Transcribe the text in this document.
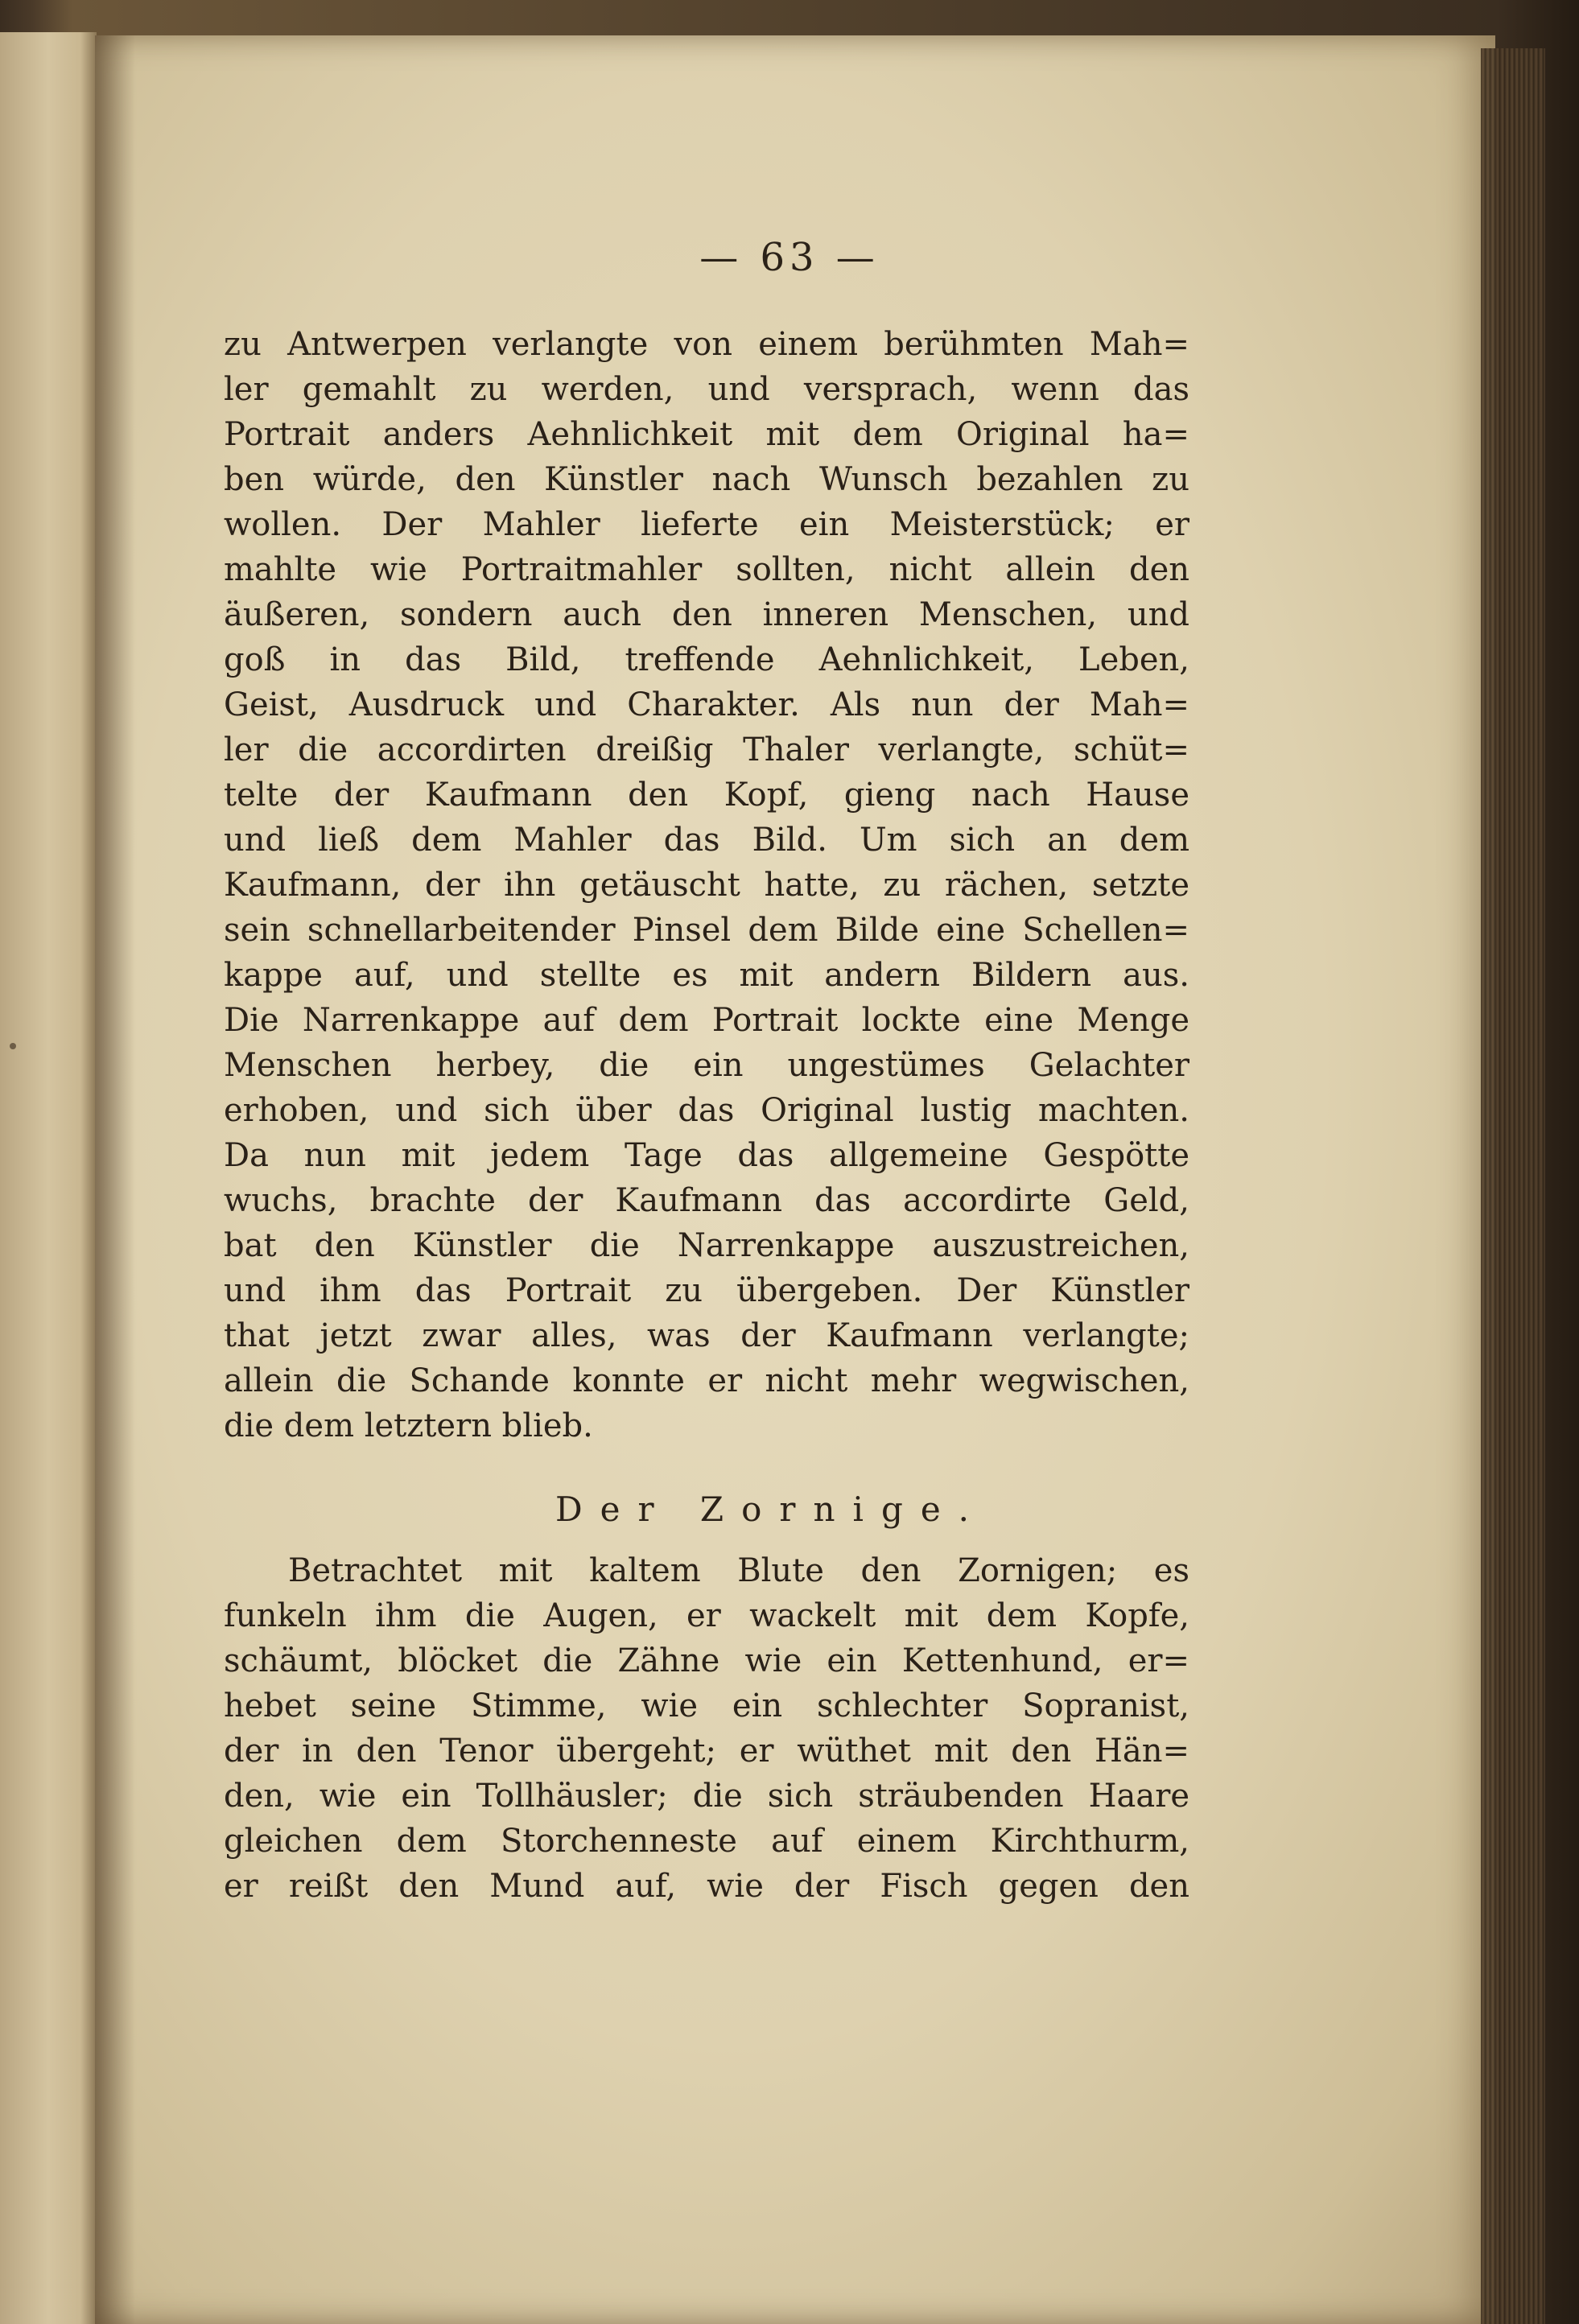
— 63 —
zu Antwerpen verlangte von einem berühmten Mah=
ler gemahlt zu werden, und versprach, wenn das
Portrait anders Aehnlichkeit mit dem Original ha=
ben würde, den Künstler nach Wunsch bezahlen zu
wollen. Der Mahler lieferte ein Meisterstück; er
mahlte wie Portraitmahler sollten, nicht allein den
äußeren, sondern auch den inneren Menschen, und
goß in das Bild, treffende Aehnlichkeit, Leben,
Geist, Ausdruck und Charakter. Als nun der Mah=
ler die accordirten dreißig Thaler verlangte, schüt=
telte der Kaufmann den Kopf, gieng nach Hause
und ließ dem Mahler das Bild. Um sich an dem
Kaufmann, der ihn getäuscht hatte, zu rächen, setzte
sein schnellarbeitender Pinsel dem Bilde eine Schellen=
kappe auf, und stellte es mit andern Bildern aus.
Die Narrenkappe auf dem Portrait lockte eine Menge
Menschen herbey, die ein ungestümes Gelachter
erhoben, und sich über das Original lustig machten.
Da nun mit jedem Tage das allgemeine Gespötte
wuchs, brachte der Kaufmann das accordirte Geld,
bat den Künstler die Narrenkappe auszustreichen,
und ihm das Portrait zu übergeben. Der Künstler
that jetzt zwar alles, was der Kaufmann verlangte;
allein die Schande konnte er nicht mehr wegwischen,
die dem letztern blieb.
Der Zornige.
Betrachtet mit kaltem Blute den Zornigen; es
funkeln ihm die Augen, er wackelt mit dem Kopfe,
schäumt, blöcket die Zähne wie ein Kettenhund, er=
hebet seine Stimme, wie ein schlechter Sopranist,
der in den Tenor übergeht; er wüthet mit den Hän=
den, wie ein Tollhäusler; die sich sträubenden Haare
gleichen dem Storchenneste auf einem Kirchthurm,
er reißt den Mund auf, wie der Fisch gegen den
